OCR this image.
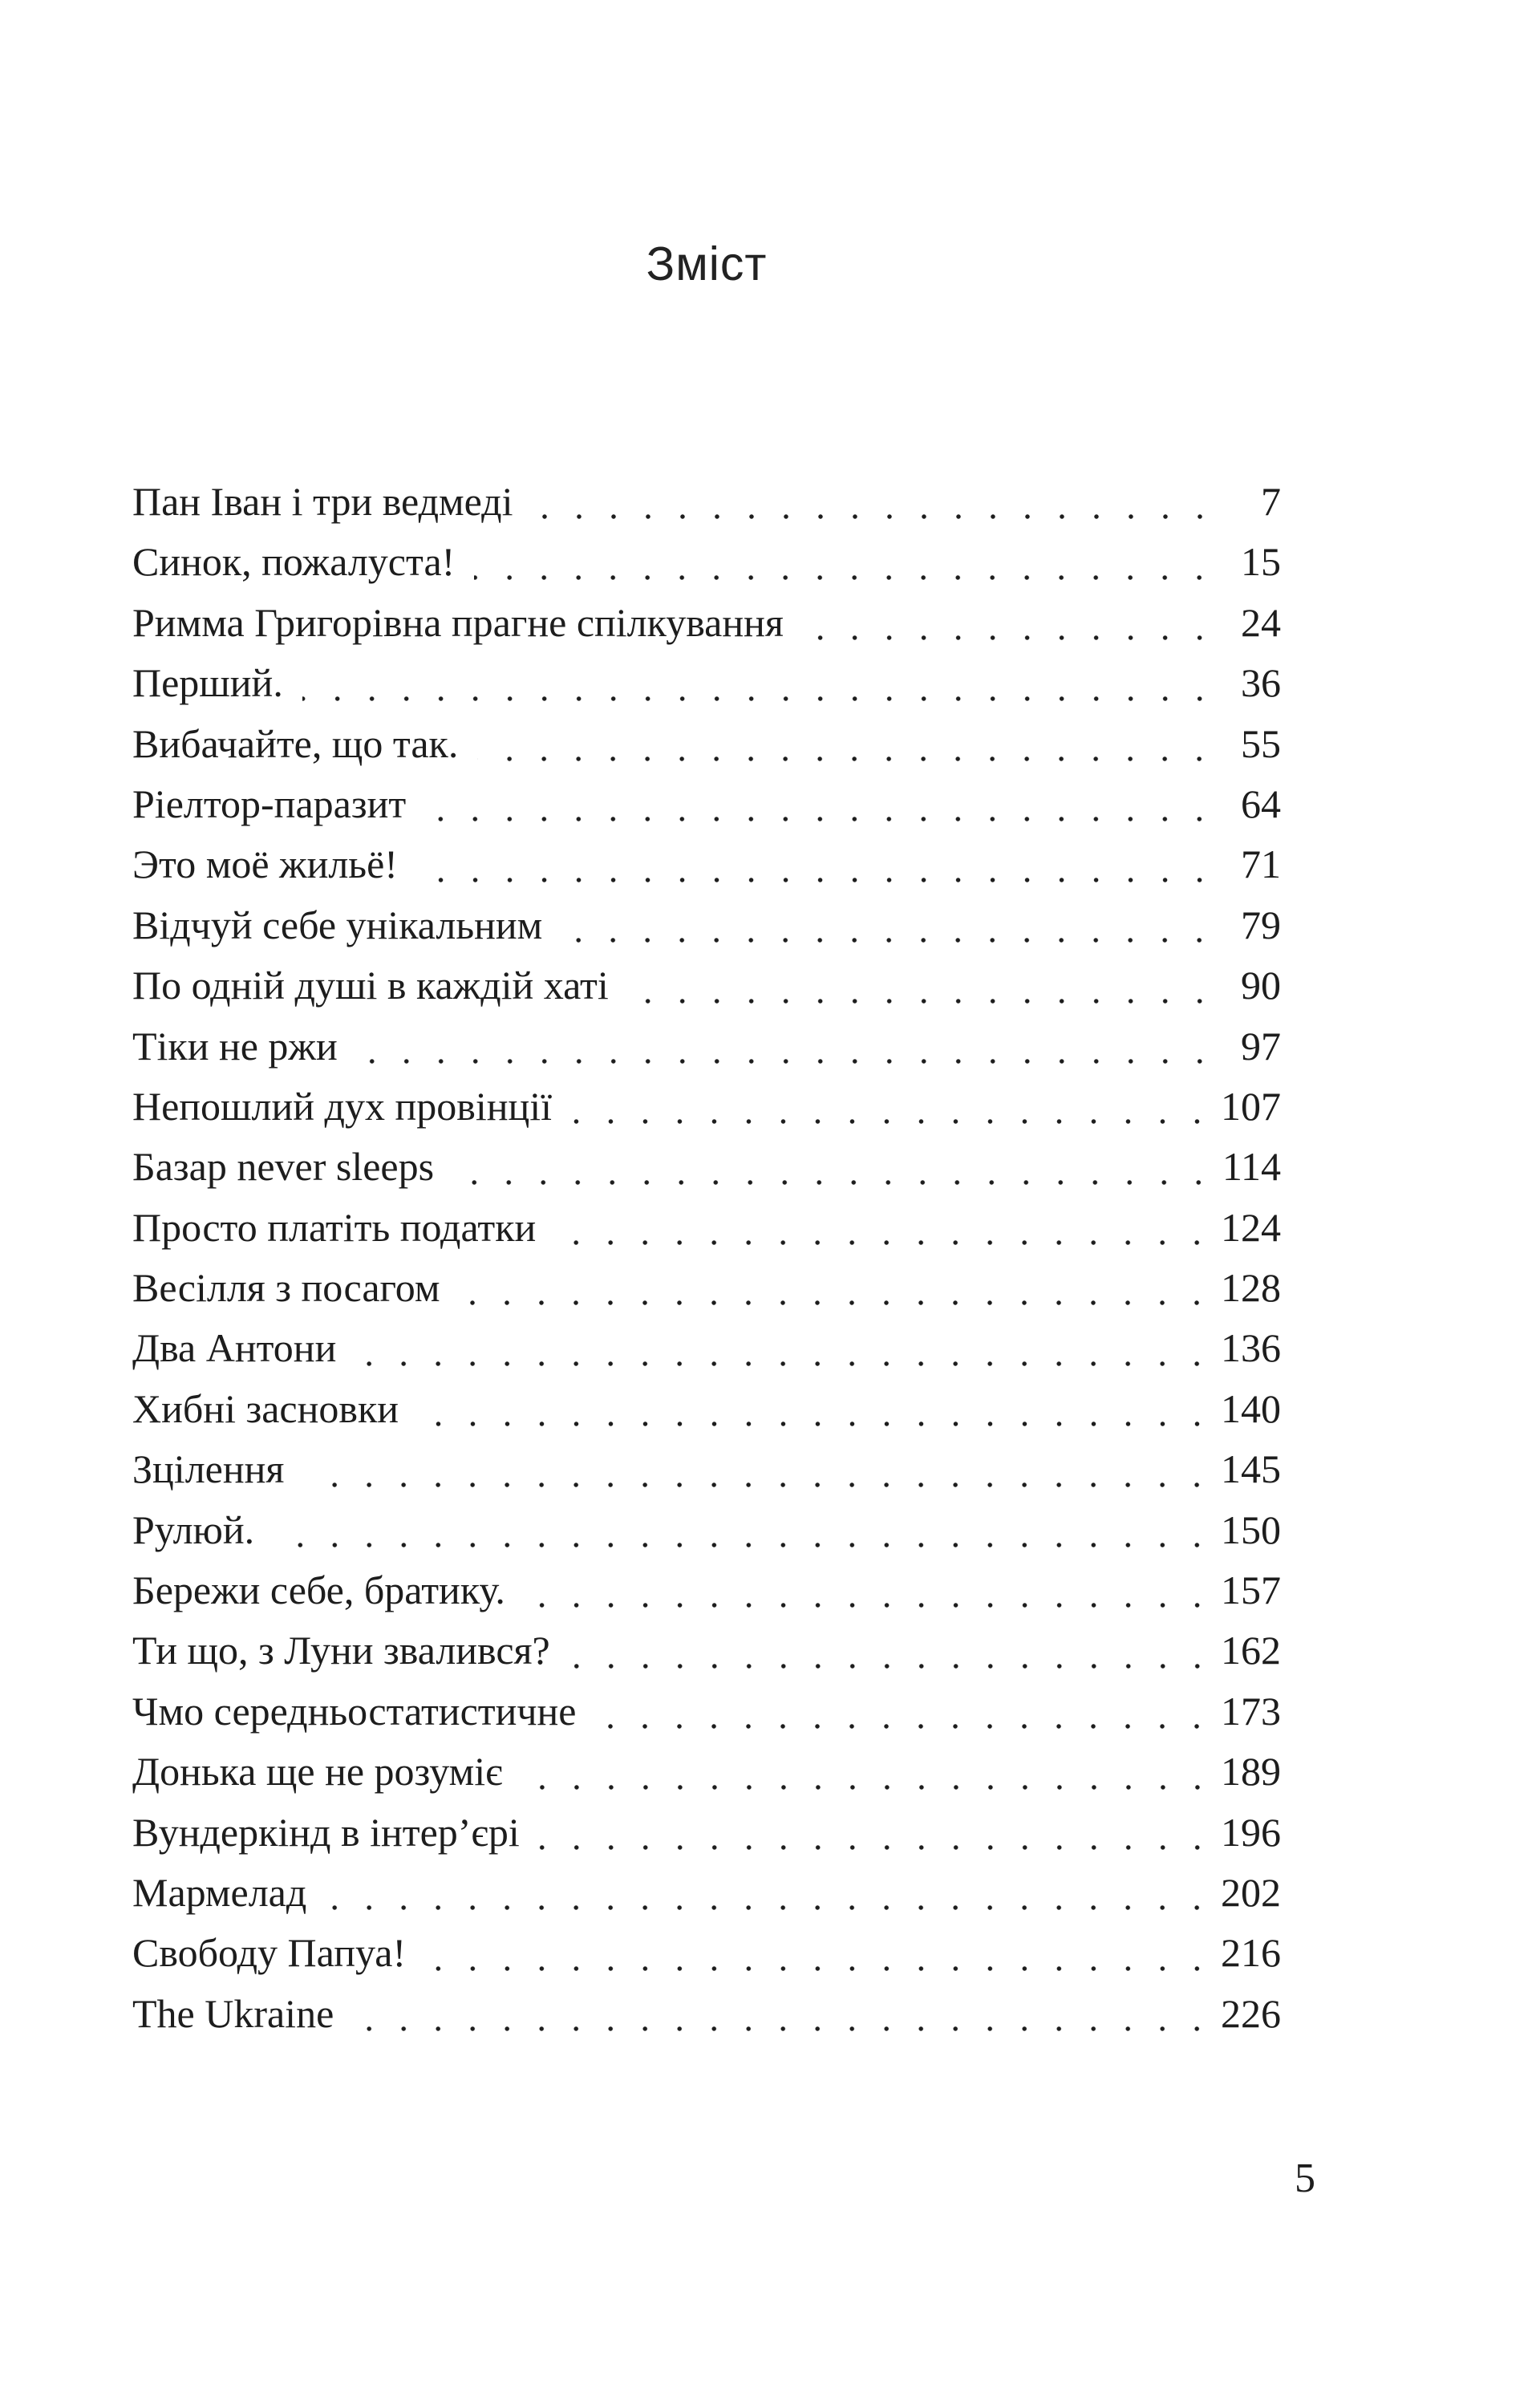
Зміст
Пан Іван і три ведмеді	7
Синок, пожалуста!	15
Римма Григорівна прагне спілкування	24
Перший.	36
Вибачайте, що так.	55
Ріелтор-паразит	64
Это моё жильё!	71
Відчуй себе унікальним	79
По одній душі в каждій хаті	90
Тіки не ржи	97
Непошлий дух провінції	107
Базар never sleeps	114
Просто платіть податки	124
Весілля з посагом	128
Два Антони	136
Хибні засновки	140
Зцілення	145
Рулюй.	150
Бережи себе, братику.	157
Ти що, з Луни звалився?	162
Чмо середньостатистичне	173
Донька ще не розуміє	189
Вундеркінд в інтер’єрі	196
Мармелад	202
Свободу Папуа!	216
The Ukraine	226
5
